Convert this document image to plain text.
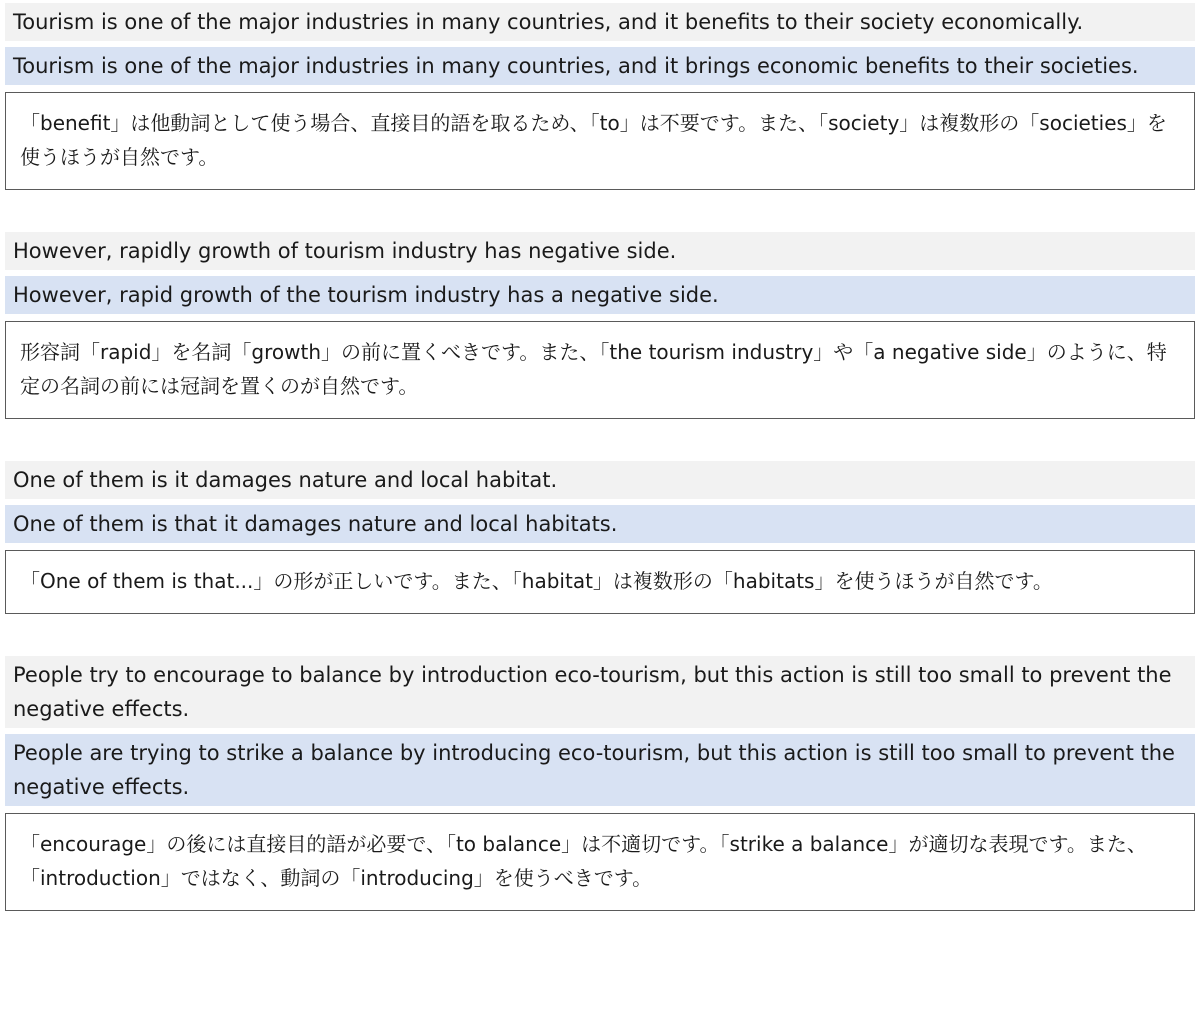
Tourism is one of the major industries in many countries, and it benefits to their society economically.
Tourism is one of the major industries in many countries, and it brings economic benefits to their societies.
「benefit」は他動詞として使う場合、直接目的語を取るため、「to」は不要です。また、「society」は複数形の「societies」を使うほうが自然です。
However, rapidly growth of tourism industry has negative side.
However, rapid growth of the tourism industry has a negative side.
形容詞「rapid」を名詞「growth」の前に置くべきです。また、「the tourism industry」や「a negative side」のように、特定の名詞の前には冠詞を置くのが自然です。
One of them is it damages nature and local habitat.
One of them is that it damages nature and local habitats.
「One of them is that...」の形が正しいです。また、「habitat」は複数形の「habitats」を使うほうが自然です。
People try to encourage to balance by introduction eco-tourism, but this action is still too small to prevent the negative effects.
People are trying to strike a balance by introducing eco-tourism, but this action is still too small to prevent the negative effects.
「encourage」の後には直接目的語が必要で、「to balance」は不適切です。「strike a balance」が適切な表現です。また、「introduction」ではなく、動詞の「introducing」を使うべきです。
